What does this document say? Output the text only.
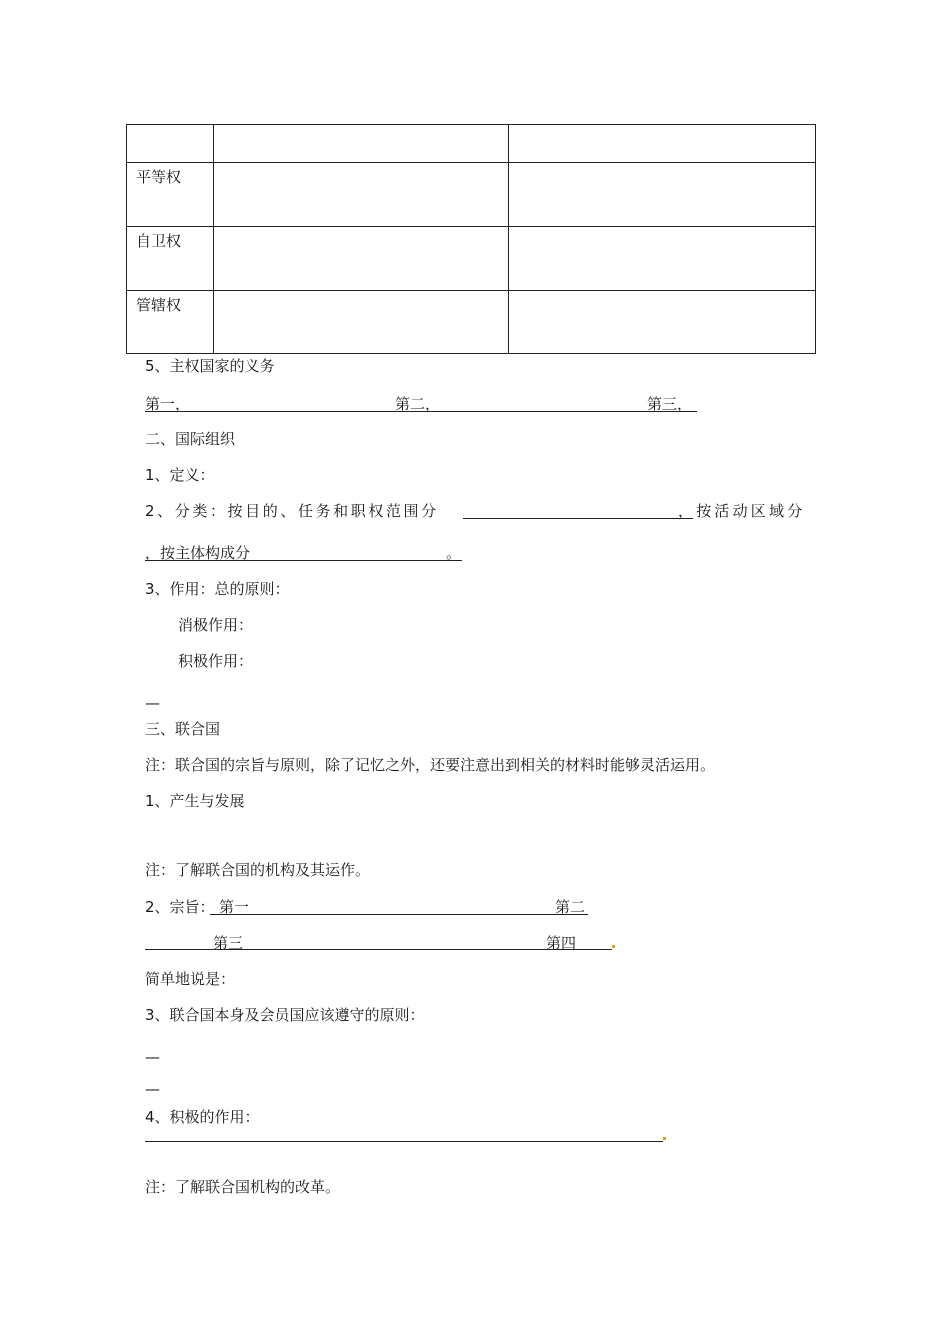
平等权		
自卫权		
管辖权		
5、主权国家的义务
第一，	第二，	第三，
二、国际组织
1、定义：
2、分类：按目的、任务和职权范围分	，按活动区域分
，按主体构成分	。
3、作用：总的原则：
消极作用：
积极作用：
—
三、联合国
注：联合国的宗旨与原则，除了记忆之外，还要注意出到相关的材料时能够灵活运用。
1、产生与发展
注：了解联合国的机构及其运作。
2、宗旨： 第一	第二
第三	第四
简单地说是：
3、联合国本身及会员国应该遵守的原则：
—
—
4、积极的作用：
注：了解联合国机构的改革。
